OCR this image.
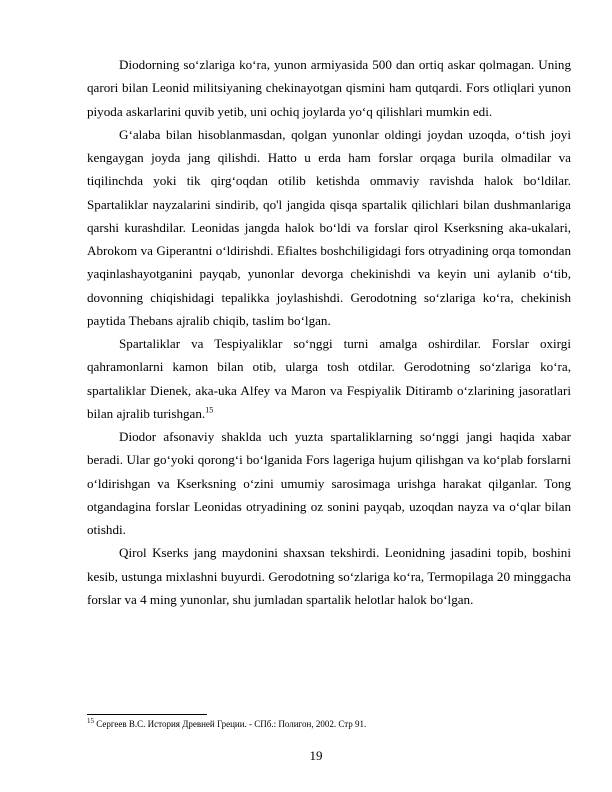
Diodorning soʻzlariga koʻra, yunon armiyasida 500 dan ortiq askar qolmagan. Uning qarori bilan Leonid militsiyaning chekinayotgan qismini ham qutqardi. Fors otliqlari yunon piyoda askarlarini quvib yetib, uni ochiq joylarda yoʻq qilishlari mumkin edi.

Gʻalaba bilan hisoblanmasdan, qolgan yunonlar oldingi joydan uzoqda, oʻtish joyi kengaygan joyda jang qilishdi. Hatto u erda ham forslar orqaga burila olmadilar va tiqilinchda yoki tik qirgʻoqdan otilib ketishda ommaviy ravishda halok boʻldilar. Spartaliklar nayzalarini sindirib, qo'l jangida qisqa spartalik qilichlari bilan dushmanlariga qarshi kurashdilar. Leonidas jangda halok boʻldi va forslar qirol Kserksning aka-ukalari, Abrokom va Giperantni oʻldirishdi. Efialtes boshchiligidagi fors otryadining orqa tomondan yaqinlashayotganini payqab, yunonlar devorga chekinishdi va keyin uni aylanib oʻtib, dovonning chiqishidagi tepalikka joylashishdi. Gerodotning soʻzlariga koʻra, chekinish paytida Thebans ajralib chiqib, taslim boʻlgan.

Spartaliklar va Tespiyaliklar soʻnggi turni amalga oshirdilar. Forslar oxirgi qahramonlarni kamon bilan otib, ularga tosh otdilar. Gerodotning soʻzlariga koʻra, spartaliklar Dienek, aka-uka Alfey va Maron va Fespiyalik Ditiramb oʻzlarining jasoratlari bilan ajralib turishgan.$^{15}$

Diodor afsonaviy shaklda uch yuzta spartaliklarning soʻnggi jangi haqida xabar beradi. Ular goʻyoki qorongʻi boʻlganida Fors lageriga hujum qilishgan va koʻplab forslarni oʻldirishgan va Kserksning oʻzini umumiy sarosimaga urishga harakat qilganlar. Tong otgandagina forslar Leonidas otryadining oz sonini payqab, uzoqdan nayza va oʻqlar bilan otishdi.

Qirol Kserks jang maydonini shaxsan tekshirdi. Leonidning jasadini topib, boshini kesib, ustunga mixlashni buyurdi. Gerodotning soʻzlariga koʻra, Termopilaga 20 minggacha forslar va 4 ming yunonlar, shu jumladan spartalik helotlar halok boʻlgan.

$^{15}$ Сергеев В.С. История Древней Греции. - СПб.: Полигон, 2002. Стр 91.
19
